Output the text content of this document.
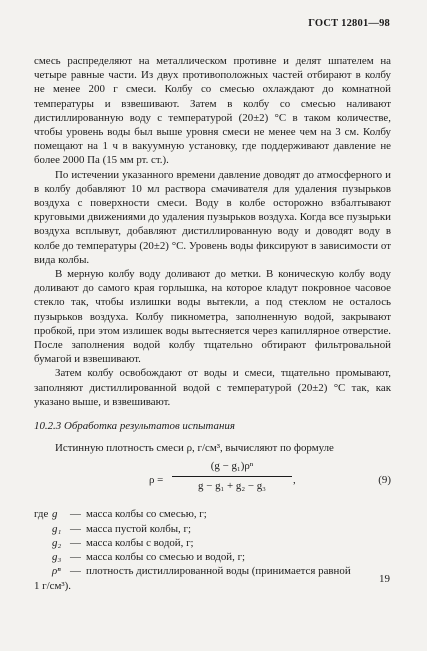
ГОСТ 12801—98

смесь распределяют на металлическом противне и делят шпателем на четыре равные части. Из двух противоположных частей отбирают в колбу не менее 200 г смеси. Колбу со смесью охлаждают до комнатной температуры и взвешивают. Затем в колбу со смесью наливают дистиллированную воду с температурой (20±2) °С в таком количестве, чтобы уровень воды был выше уровня смеси не менее чем на 3 см. Колбу помещают на 1 ч в вакуумную установку, где поддерживают давление не более 2000 Па (15 мм рт. ст.).

По истечении указанного времени давление доводят до атмосферного и в колбу добавляют 10 мл раствора смачивателя для удаления пузырьков воздуха с поверхности смеси. Воду в колбе осторожно взбалтывают круговыми движениями до удаления пузырьков воздуха. Когда все пузырьки воздуха всплывут, добавляют дистиллированную воду и доводят воду в колбе до температуры (20±2) °С. Уровень воды фиксируют в зависимости от вида колбы.

В мерную колбу воду доливают до метки. В коническую колбу воду доливают до самого края горлышка, на которое кладут покровное часовое стекло так, чтобы излишки воды вытекли, а под стеклом не осталось пузырьков воздуха. Колбу пикнометра, заполненную водой, закрывают пробкой, при этом излишек воды вытесняется через капиллярное отверстие. После заполнения водой колбу тщательно обтирают фильтровальной бумагой и взвешивают.

Затем колбу освобождают от воды и смеси, тщательно промывают, заполняют дистиллированной водой с температурой (20±2) °С так, как указано выше, и взвешивают.

10.2.3 Обработка результатов испытания

Истинную плотность смеси ρ, г/см³, вычисляют по формуле

$\rho = \frac{\text{(g − g₁)ρⁿ}}{\text{g − g₁ + g₂ − g₃}}$ ,	(9)
где g	— масса колбы со смесью, г;
g₁ — масса пустой колбы, г;
g₂ — масса колбы с водой, г;
g₃ — масса колбы со смесью и водой, г;
ρⁿ — плотность дистиллированной воды (принимается равной
1 г/см³).
19
